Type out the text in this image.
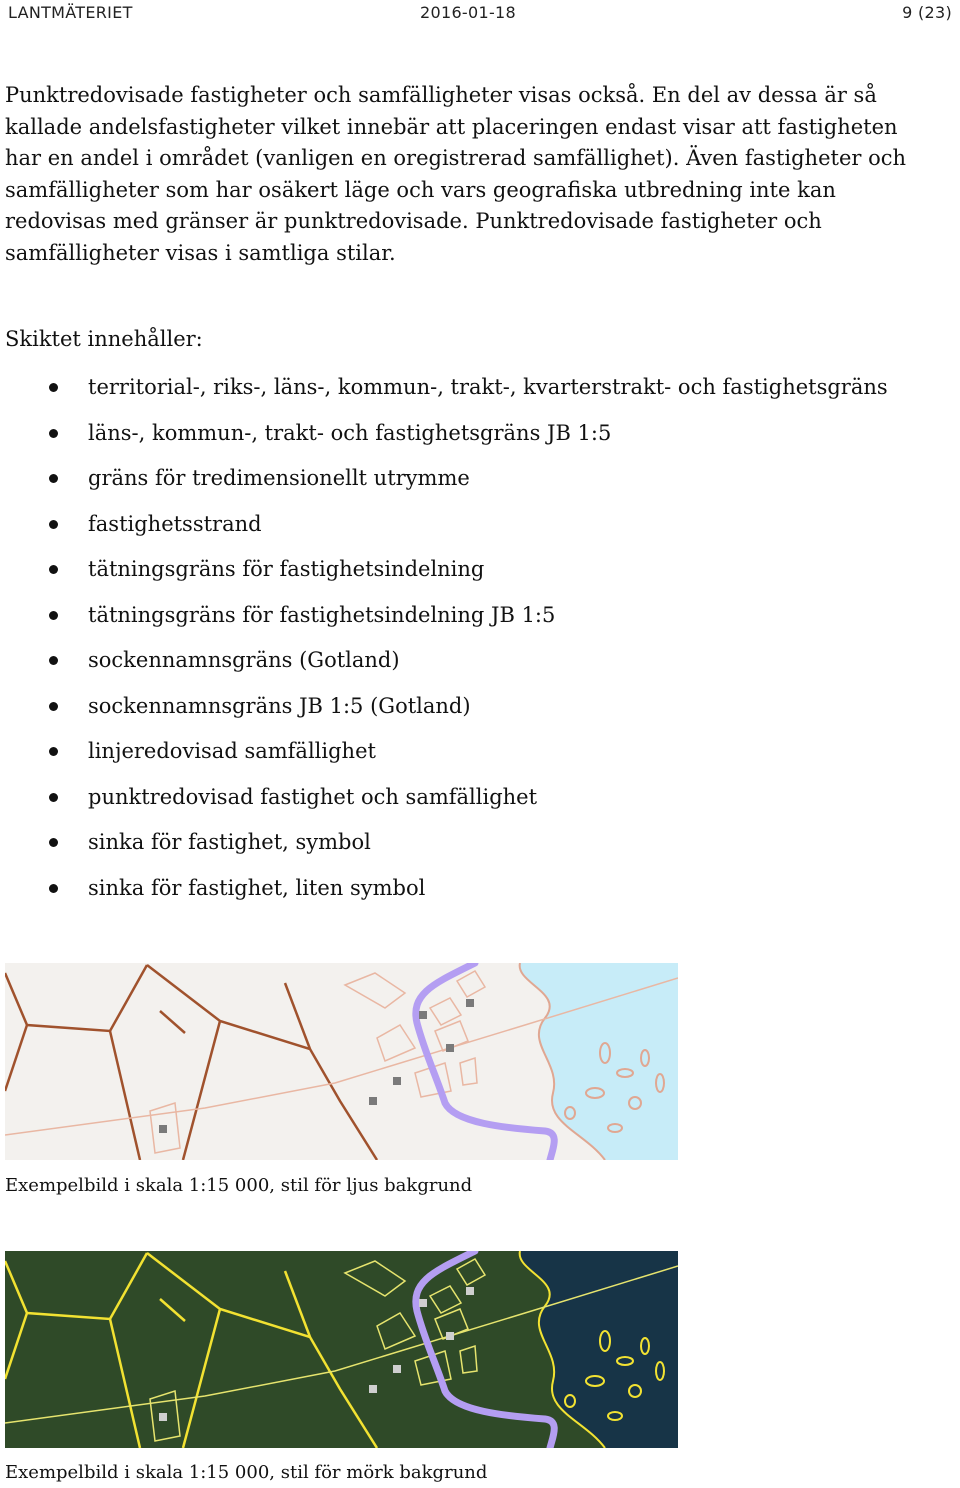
LANTMÄTERIET	2016-01-18	9 (23)

Punktredovisade fastigheter och samfälligheter visas också. En del av dessa är så
kallade andelsfastigheter vilket innebär att placeringen endast visar att fastigheten
har en andel i området (vanligen en oregistrerad samfällighet). Även fastigheter och
samfälligheter som har osäkert läge och vars geografiska utbredning inte kan
redovisas med gränser är punktredovisade. Punktredovisade fastigheter och
samfälligheter visas i samtliga stilar.

Skiktet innehåller:
territorial-, riks-, läns-, kommun-, trakt-, kvarterstrakt- och fastighetsgräns
läns-, kommun-, trakt- och fastighetsgräns JB 1:5
gräns för tredimensionellt utrymme
fastighetsstrand
tätningsgräns för fastighetsindelning
tätningsgräns för fastighetsindelning JB 1:5
sockennamnsgräns (Gotland)
sockennamnsgräns JB 1:5 (Gotland)
linjeredovisad samfällighet
punktredovisad fastighet och samfällighet
sinka för fastighet, symbol
sinka för fastighet, liten symbol
Exempelbild i skala 1:15 000, stil för ljus bakgrund
Exempelbild i skala 1:15 000, stil för mörk bakgrund
